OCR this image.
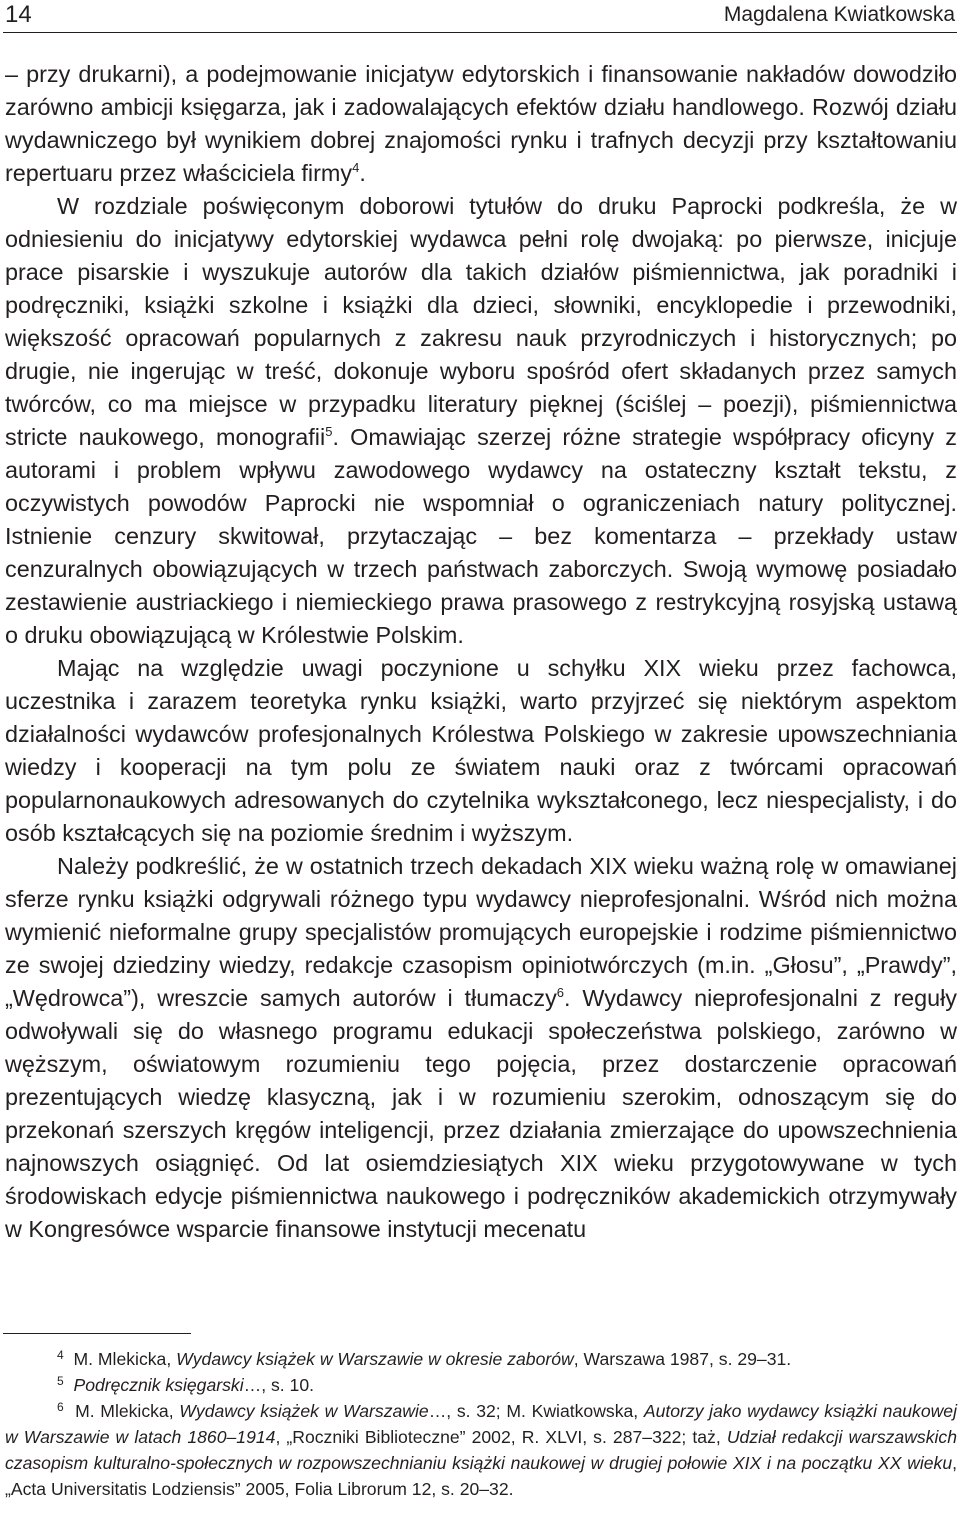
14	Magdalena Kwiatkowska

– przy drukarni), a podejmowanie inicjatyw edytorskich i finansowanie nakładów dowodziło zarówno ambicji księgarza, jak i zadowalających efektów działu handlowego. Rozwój działu wydawniczego był wynikiem dobrej znajomości rynku i trafnych decyzji przy kształtowaniu repertuaru przez właściciela firmy$^4$.

W rozdziale poświęconym doborowi tytułów do druku Paprocki podkreśla, że w odniesieniu do inicjatywy edytorskiej wydawca pełni rolę dwojaką: po pierwsze, inicjuje prace pisarskie i wyszukuje autorów dla takich działów piśmiennictwa, jak poradniki i podręczniki, książki szkolne i książki dla dzieci, słowniki, encyklopedie i przewodniki, większość opracowań popularnych z zakresu nauk przyrodniczych i historycznych; po drugie, nie ingerując w treść, dokonuje wyboru spośród ofert składanych przez samych twórców, co ma miejsce w przypadku literatury pięknej (ściślej – poezji), piśmiennictwa stricte naukowego, monografii$^5$. Omawiając szerzej różne strategie współpracy oficyny z autorami i problem wpływu zawodowego wydawcy na ostateczny kształt tekstu, z oczywistych powodów Paprocki nie wspomniał o ograniczeniach natury politycznej. Istnienie cenzury skwitował, przytaczając – bez komentarza – przekłady ustaw cenzuralnych obowiązujących w trzech państwach zaborczych. Swoją wymowę posiadało zestawienie austriackiego i niemieckiego prawa prasowego z restrykcyjną rosyjską ustawą o druku obowiązującą w Królestwie Polskim.

Mając na względzie uwagi poczynione u schyłku XIX wieku przez fachowca, uczestnika i zarazem teoretyka rynku książki, warto przyjrzeć się niektórym aspektom działalności wydawców profesjonalnych Królestwa Polskiego w zakresie upowszechniania wiedzy i kooperacji na tym polu ze światem nauki oraz z twórcami opracowań popularnonaukowych adresowanych do czytelnika wykształconego, lecz niespecjalisty, i do osób kształcących się na poziomie średnim i wyższym.

Należy podkreślić, że w ostatnich trzech dekadach XIX wieku ważną rolę w omawianej sferze rynku książki odgrywali różnego typu wydawcy nieprofesjonalni. Wśród nich można wymienić nieformalne grupy specjalistów promujących europejskie i rodzime piśmiennictwo ze swojej dziedziny wiedzy, redakcje czasopism opiniotwórczych (m.in. „Głosu”, „Prawdy”, „Wędrowca”), wreszcie samych autorów i tłumaczy$^6$. Wydawcy nieprofesjonalni z reguły odwoływali się do własnego programu edukacji społeczeństwa polskiego, zarówno w węższym, oświatowym rozumieniu tego pojęcia, przez dostarczenie opracowań prezentujących wiedzę klasyczną, jak i w rozumieniu szerokim, odnoszącym się do przekonań szerszych kręgów inteligencji, przez działania zmierzające do upowszechnienia najnowszych osiągnięć. Od lat osiemdziesiątych XIX wieku przygotowywane w tych środowiskach edycje piśmiennictwa naukowego i podręczników akademickich otrzymywały w Kongresówce wsparcie finansowe instytucji mecenatu

$^4$ M. Mlekicka, Wydawcy książek w Warszawie w okresie zaborów, Warszawa 1987, s. 29–31.

$^5$ Podręcznik księgarski…, s. 10.

$^6$ M. Mlekicka, Wydawcy książek w Warszawie…, s. 32; M. Kwiatkowska, Autorzy jako wydawcy książki naukowej w Warszawie w latach 1860–1914, „Roczniki Biblioteczne” 2002, R. XLVI, s. 287–322; taż, Udział redakcji warszawskich czasopism kulturalno-społecznych w rozpowszechnianiu książki naukowej w drugiej połowie XIX i na początku XX wieku, „Acta Universitatis Lodziensis” 2005, Folia Librorum 12, s. 20–32.
